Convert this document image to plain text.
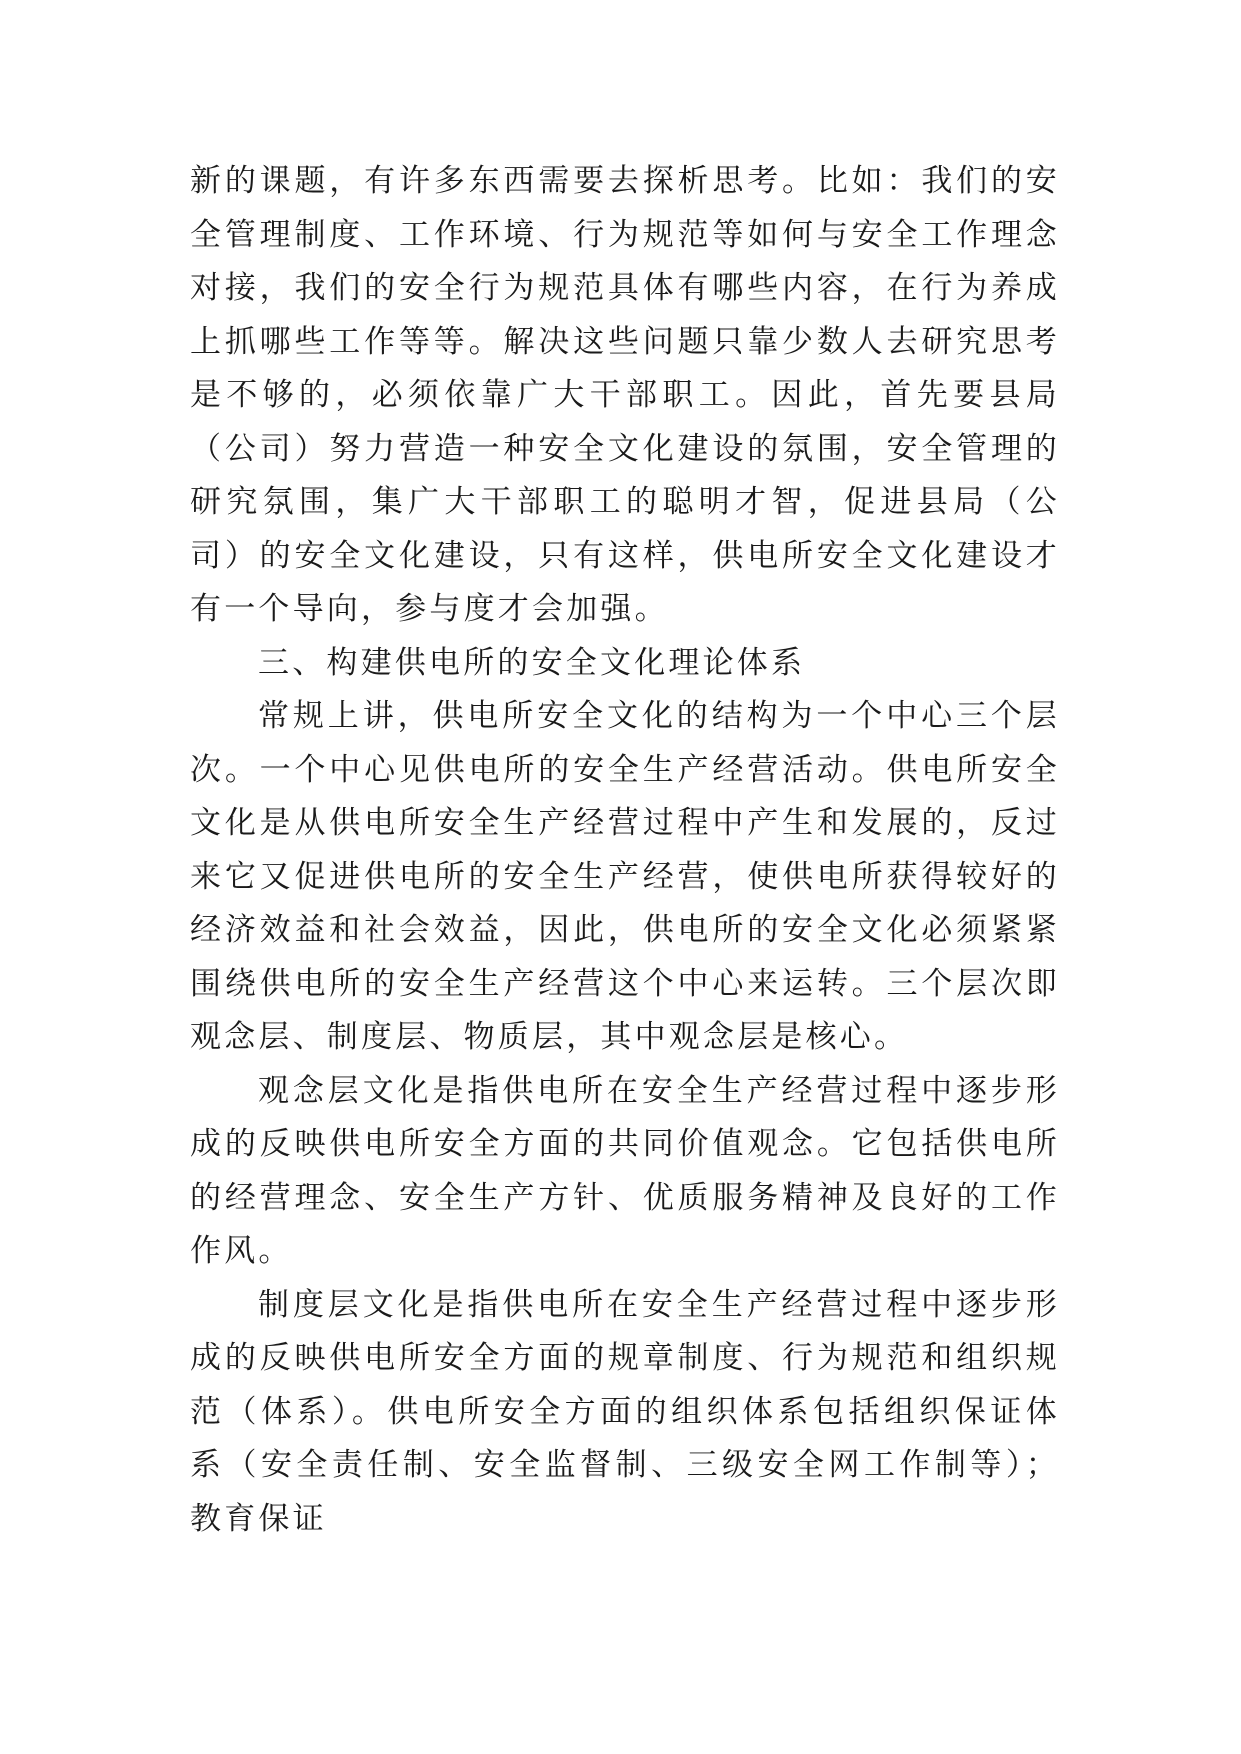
新的课题，有许多东西需要去探析思考。比如：我们的安全管理制度、工作环境、行为规范等如何与安全工作理念对接，我们的安全行为规范具体有哪些内容，在行为养成上抓哪些工作等等。解决这些问题只靠少数人去研究思考是不够的，必须依靠广大干部职工。因此，首先要县局（公司）努力营造一种安全文化建设的氛围，安全管理的研究氛围，集广大干部职工的聪明才智，促进县局（公司）的安全文化建设，只有这样，供电所安全文化建设才有一个导向，参与度才会加强。

三、构建供电所的安全文化理论体系

常规上讲，供电所安全文化的结构为一个中心三个层次。一个中心见供电所的安全生产经营活动。供电所安全文化是从供电所安全生产经营过程中产生和发展的，反过来它又促进供电所的安全生产经营，使供电所获得较好的经济效益和社会效益，因此，供电所的安全文化必须紧紧围绕供电所的安全生产经营这个中心来运转。三个层次即观念层、制度层、物质层，其中观念层是核心。

观念层文化是指供电所在安全生产经营过程中逐步形成的反映供电所安全方面的共同价值观念。它包括供电所的经营理念、安全生产方针、优质服务精神及良好的工作作风。

制度层文化是指供电所在安全生产经营过程中逐步形成的反映供电所安全方面的规章制度、行为规范和组织规范（体系）。供电所安全方面的组织体系包括组织保证体系（安全责任制、安全监督制、三级安全网工作制等）；教育保证
